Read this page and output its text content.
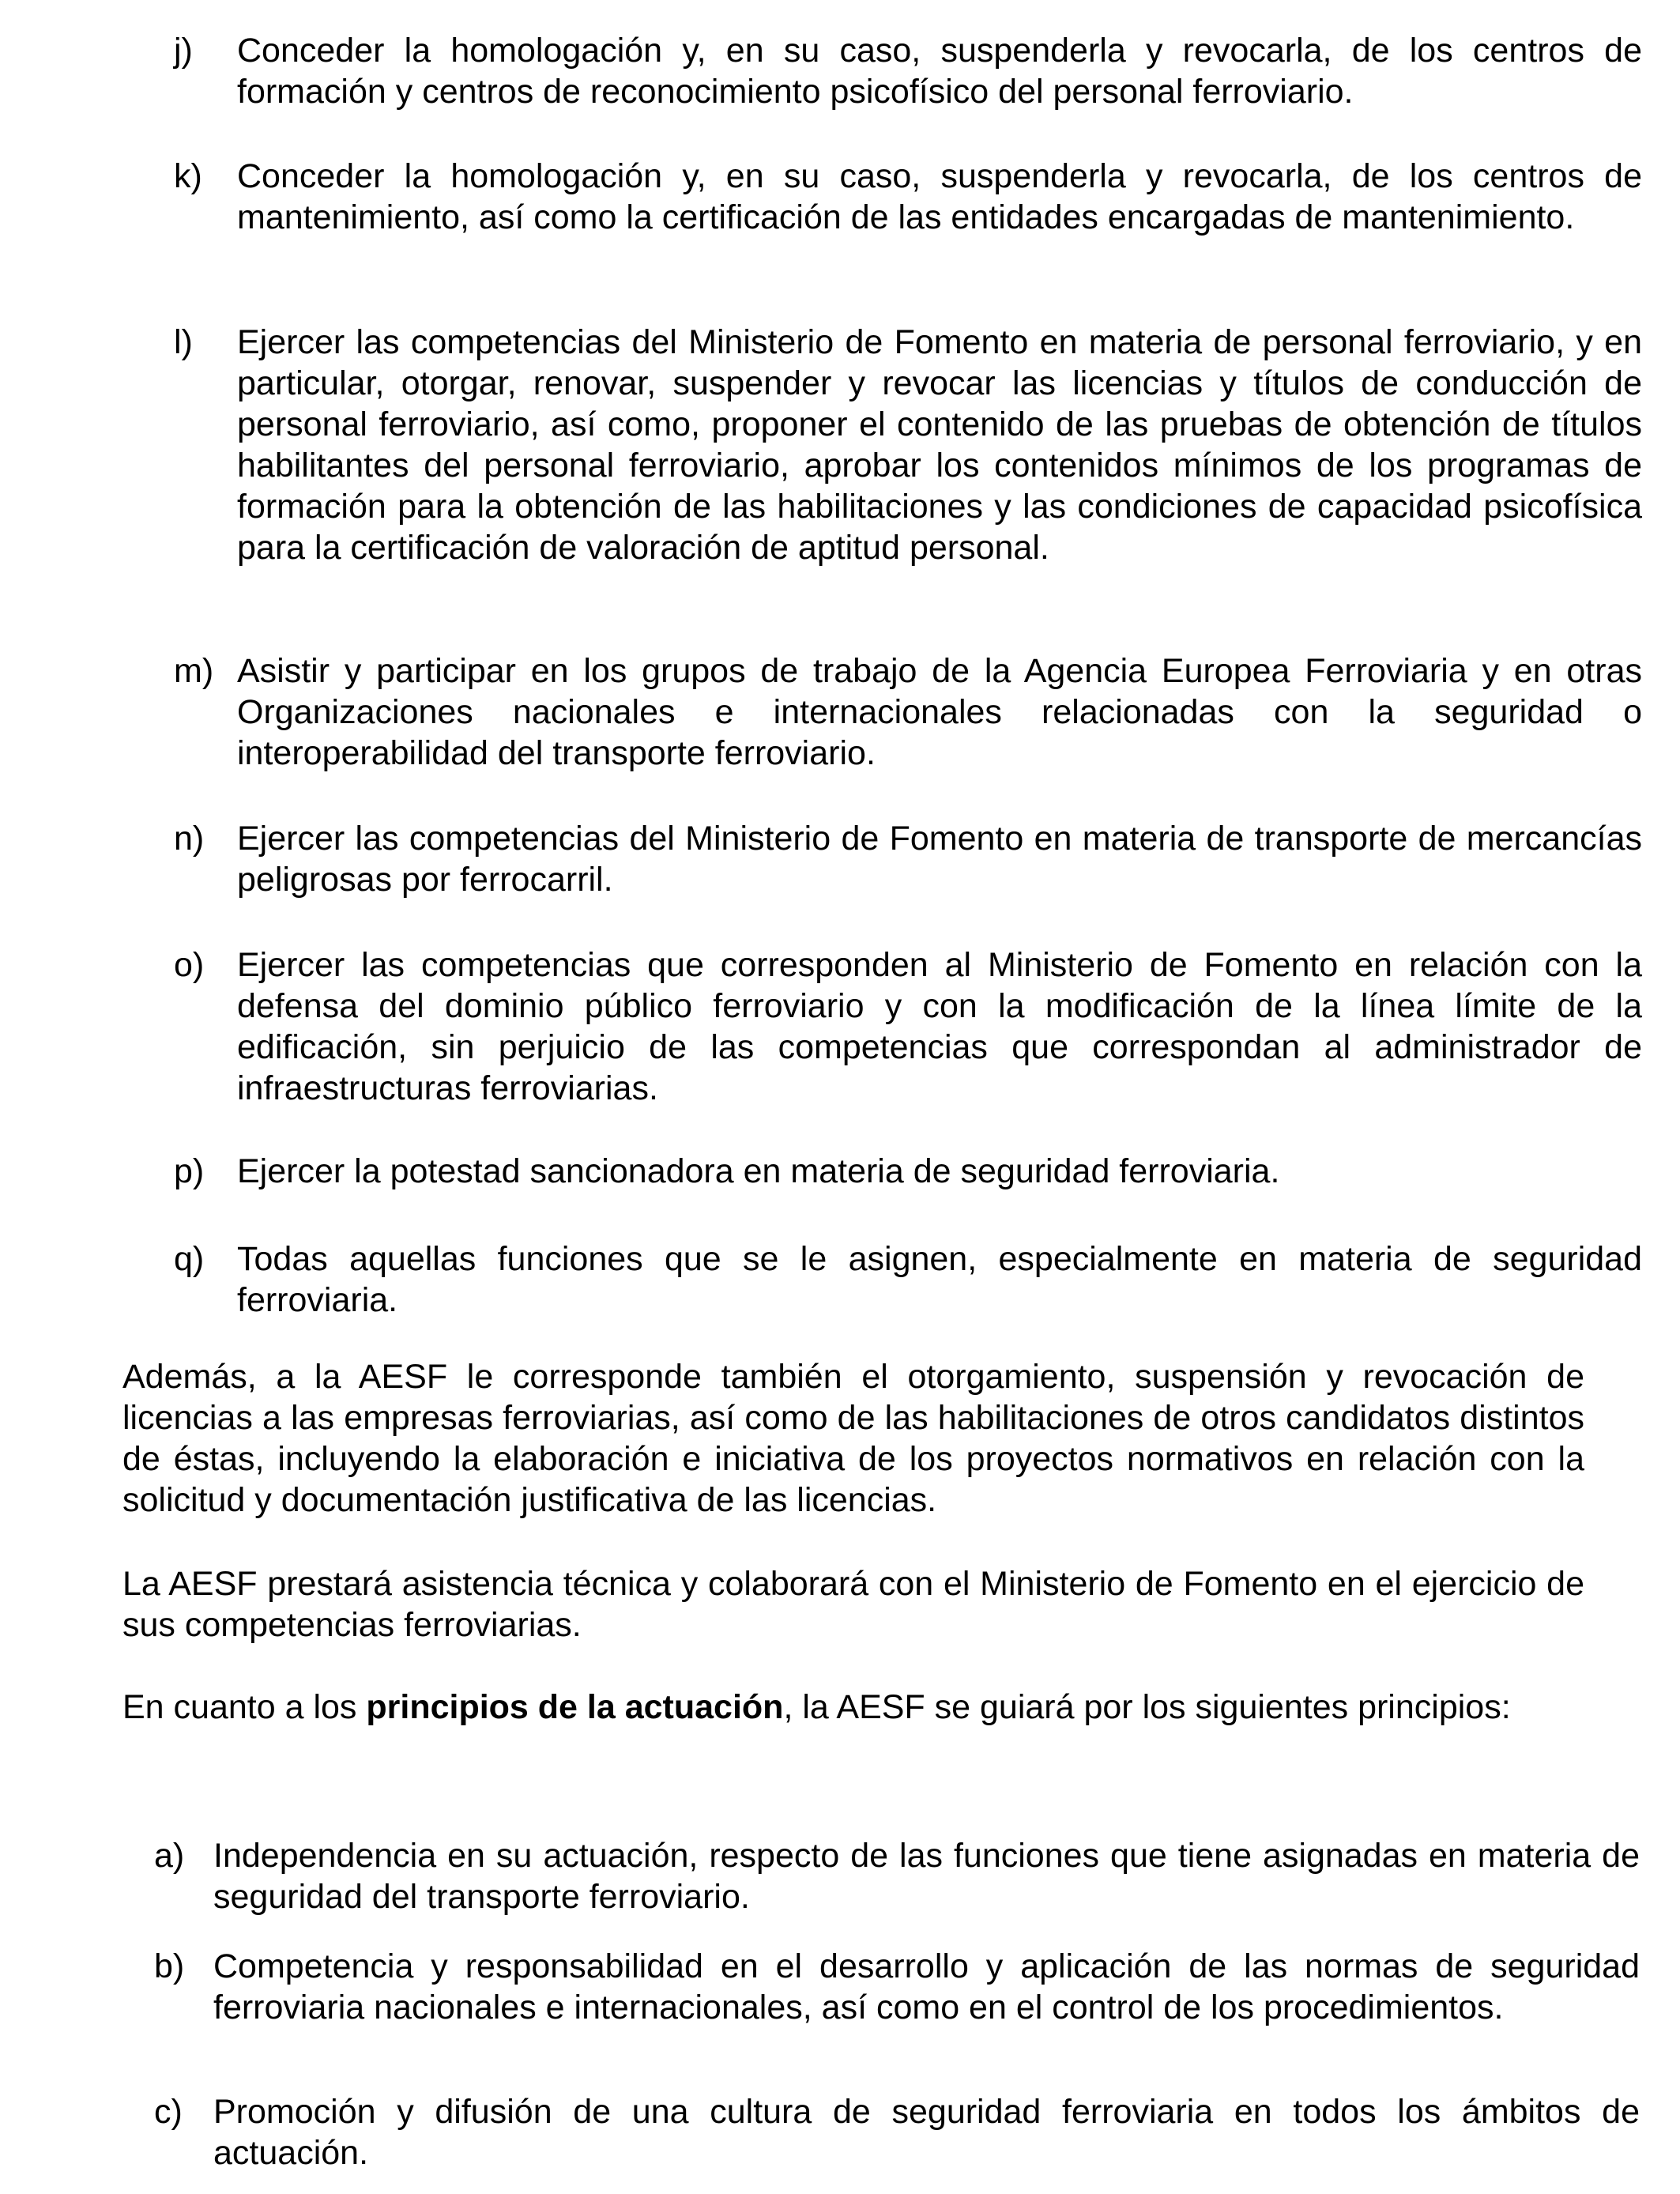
j)	Conceder la homologación y, en su caso, suspenderla y revocarla, de los centros de formación y centros de reconocimiento psicofísico del personal ferroviario.
k)	Conceder la homologación y, en su caso, suspenderla y revocarla, de los centros de mantenimiento, así como la certificación de las entidades encargadas de mantenimiento.
l)	Ejercer las competencias del Ministerio de Fomento en materia de personal ferroviario, y en particular, otorgar, renovar, suspender y revocar las licencias y títulos de conducción de personal ferroviario, así como, proponer el contenido de las pruebas de obtención de títulos habilitantes del personal ferroviario, aprobar los contenidos mínimos de los programas de formación para la obtención de las habilitaciones y las condiciones de capacidad psicofísica para la certificación de valoración de aptitud personal.
m) Asistir y participar en los grupos de trabajo de la Agencia Europea Ferroviaria y en otras Organizaciones nacionales e internacionales relacionadas con la seguridad o interoperabilidad del transporte ferroviario.
n) Ejercer las competencias del Ministerio de Fomento en materia de transporte de mercancías peligrosas por ferrocarril.
o) Ejercer las competencias que corresponden al Ministerio de Fomento en relación con la defensa del dominio público ferroviario y con la modificación de la línea límite de la edificación, sin perjuicio de las competencias que correspondan al administrador de infraestructuras ferroviarias.
p) Ejercer la potestad sancionadora en materia de seguridad ferroviaria.
q) Todas aquellas funciones que se le asignen, especialmente en materia de seguridad ferroviaria.

Además, a la AESF le corresponde también el otorgamiento, suspensión y revocación de licencias a las empresas ferroviarias, así como de las habilitaciones de otros candidatos distintos de éstas, incluyendo la elaboración e iniciativa de los proyectos normativos en relación con la solicitud y documentación justificativa de las licencias.

La AESF prestará asistencia técnica y colaborará con el Ministerio de Fomento en el ejercicio de sus competencias ferroviarias.

En cuanto a los principios de la actuación, la AESF se guiará por los siguientes principios:

a) Independencia en su actuación, respecto de las funciones que tiene asignadas en materia de seguridad del transporte ferroviario.
b) Competencia y responsabilidad en el desarrollo y aplicación de las normas de seguridad ferroviaria nacionales e internacionales, así como en el control de los procedimientos.
c) Promoción y difusión de una cultura de seguridad ferroviaria en todos los ámbitos de actuación.
